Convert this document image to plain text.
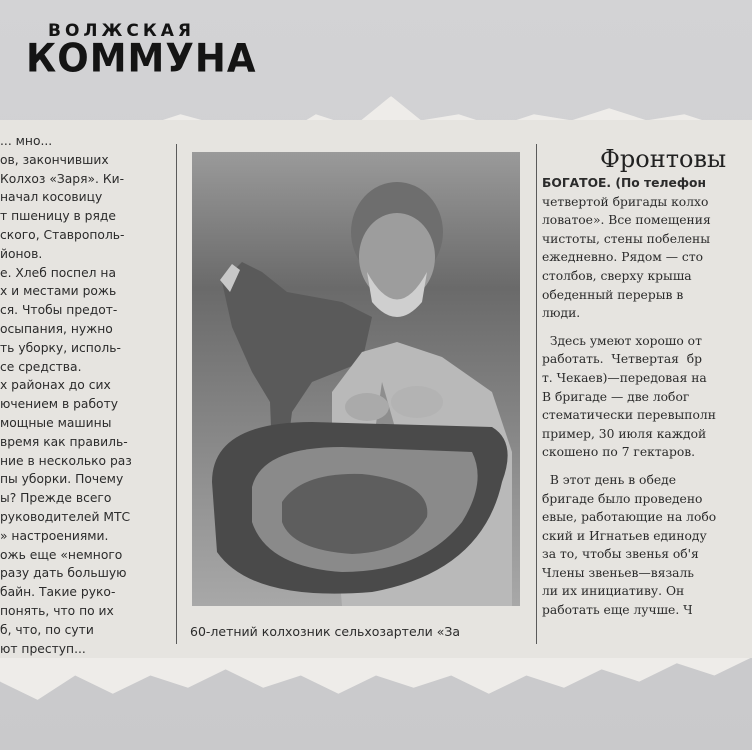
ВОЛЖСКАЯ
КОММУНА
... мно...
ов, закончивших
Колхоз «Заря». Ки-
начал косовицу
т пшеницу в ряде
ского, Ставрополь-
йонов.
е. Хлеб поспел на
х и местами рожь
ся. Чтобы предот-
осыпания, нужно
ть уборку, исполь-
се средства.
х районах до сих
ючением в работу
мощные машины
время как правиль-
ние в несколько раз
пы уборки. Почему
ы? Прежде всего
руководителей МТС
» настроениями.
ожь еще «немного
разу дать большую
байн. Такие руко-
понять, что по их
б, что, по сути
ют преступ...
60-летний колхозник сельхозартели «За
Фронтовы
БОГАТОЕ. (По телефон
четвертой бригады колхо
ловатое». Все помещения
чистоты, стены побелены
ежедневно. Рядом — сто
столбов, сверху крыша
обеденный перерыв в
люди.
Здесь умеют хорошо от
работать.  Четвертая  бр
т. Чекаев)—передовая на
В бригаде — две лобог
стематически перевыполн
пример, 30 июля каждой
скошено по 7 гектаров.
В этот день в обеде
бригаде было проведено
евые, работающие на лобо
ский и Игнатьев единоду
за то, чтобы звенья об'я
Члены звеньев—вязаль
ли их инициативу. Он
работать еще лучше. Ч
